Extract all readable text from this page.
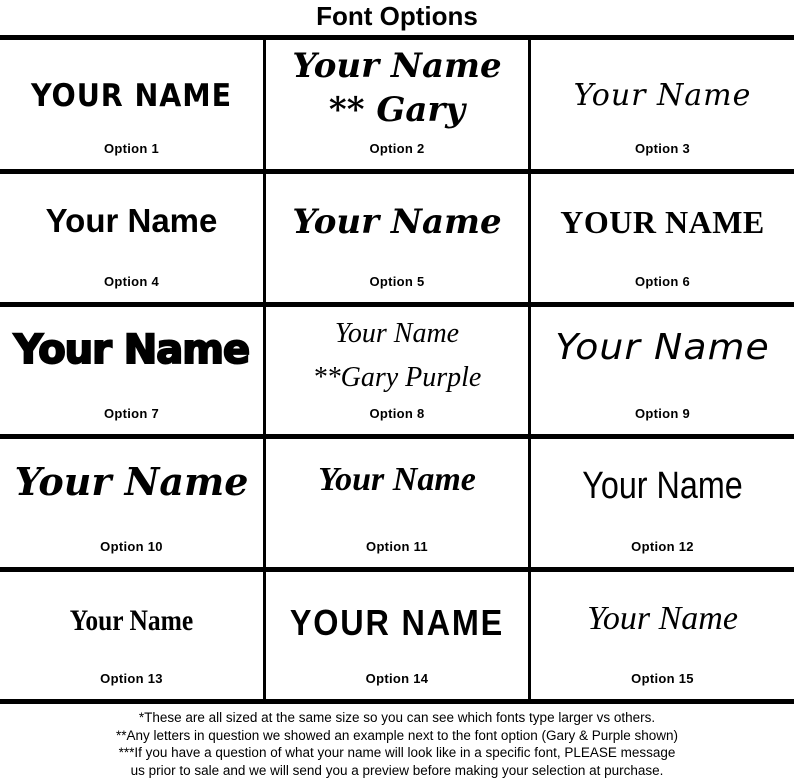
Font Options
YOUR NAME
Option 1
Your Name
** Gary
Option 2
Your Name
Option 3
Your Name
Option 4
Your Name
Option 5
YOUR NAME
Option 6
Your Name
Option 7
Your Name
**Gary Purple
Option 8
Your Name
Option 9
Your Name
Option 10
Your Name
Option 11
Your Name
Option 12
Your Name
Option 13
YOUR NAME
Option 14
Your Name
Option 15
*These are all sized at the same size so you can see which fonts type larger vs others.
**Any letters in question we showed an example next to the font option (Gary & Purple shown)
***If you have a question of what your name will look like in a specific font, PLEASE message
us prior to sale and we will send you a preview before making your selection at purchase.
